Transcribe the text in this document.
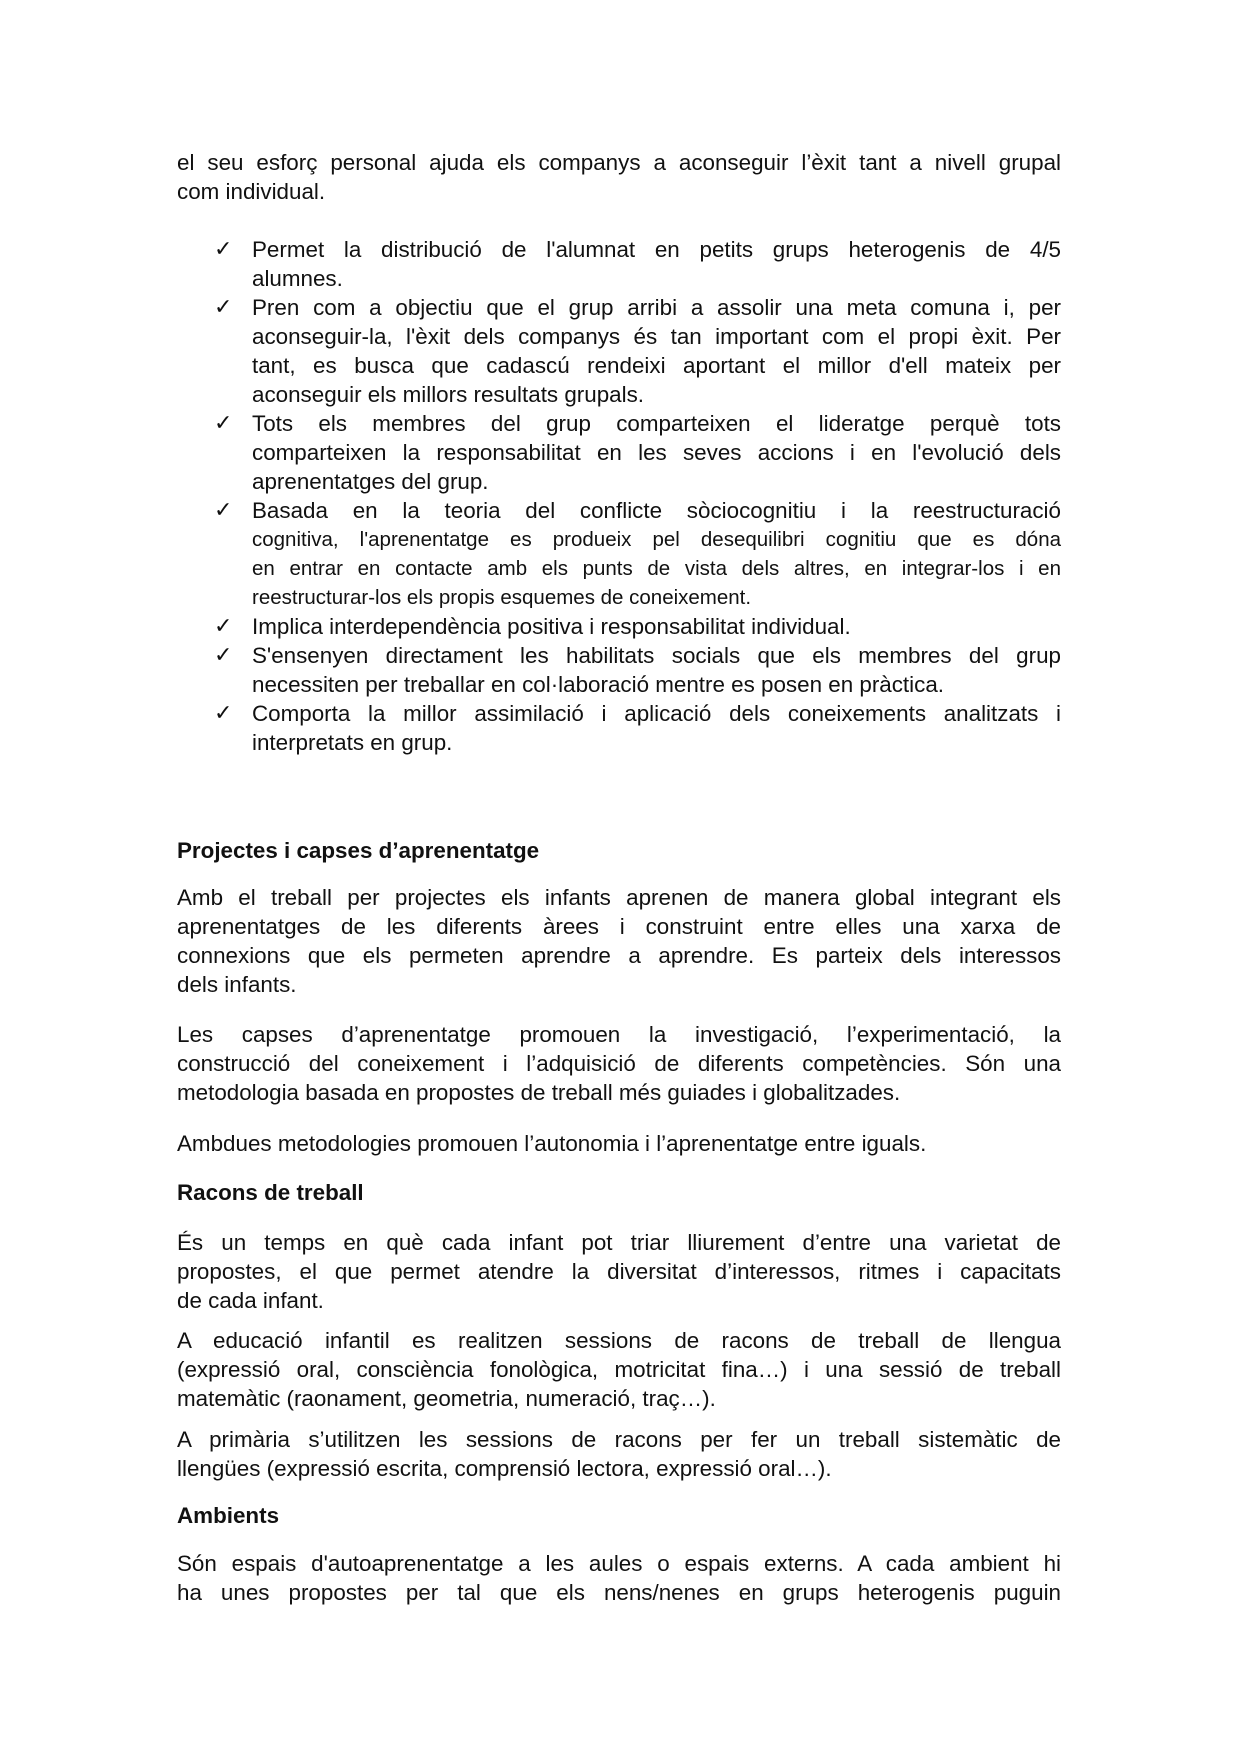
el seu esforç personal ajuda els companys a aconseguir l’èxit tant a nivell grupal
com individual.
✓ Permet la distribució de l'alumnat en petits grups heterogenis de 4/5
alumnes.
✓ Pren com a objectiu que el grup arribi a assolir una meta comuna i, per
aconseguir-la, l'èxit dels companys és tan important com el propi èxit. Per
tant, es busca que cadascú rendeixi aportant el millor d'ell mateix per
aconseguir els millors resultats grupals.
✓ Tots els membres del grup comparteixen el lideratge perquè tots
comparteixen la responsabilitat en les seves accions i en l'evolució dels
aprenentatges del grup.
✓ Basada en la teoria del conflicte sòciocognitiu i la reestructuració
cognitiva, l'aprenentatge es produeix pel desequilibri cognitiu que es dóna
en entrar en contacte amb els punts de vista dels altres, en integrar-los i en
reestructurar-los els propis esquemes de coneixement.
✓ Implica interdependència positiva i responsabilitat individual.
✓ S'ensenyen directament les habilitats socials que els membres del grup
necessiten per treballar en col·laboració mentre es posen en pràctica.
✓ Comporta la millor assimilació i aplicació dels coneixements analitzats i
interpretats en grup.
Projectes i capses d’aprenentatge
Amb el treball per projectes els infants aprenen de manera global integrant els
aprenentatges de les diferents àrees i construint entre elles una xarxa de
connexions que els permeten aprendre a aprendre. Es parteix dels interessos
dels infants.
Les capses d’aprenentatge promouen la investigació, l’experimentació, la
construcció del coneixement i l’adquisició de diferents competències. Són una
metodologia basada en propostes de treball més guiades i globalitzades.
Ambdues metodologies promouen l’autonomia i l’aprenentatge entre iguals.
Racons de treball
És un temps en què cada infant pot triar lliurement d’entre una varietat de
propostes, el que permet atendre la diversitat d’interessos, ritmes i capacitats
de cada infant.
A educació infantil es realitzen sessions de racons de treball de llengua
(expressió oral, consciència fonològica, motricitat fina…) i una sessió de treball
matemàtic (raonament, geometria, numeració, traç…).
A primària s’utilitzen les sessions de racons per fer un treball sistemàtic de
llengües (expressió escrita, comprensió lectora, expressió oral…).
Ambients
Són espais d'autoaprenentatge a les aules o espais externs. A cada ambient hi
ha unes propostes per tal que els nens/nenes en grups heterogenis puguin
